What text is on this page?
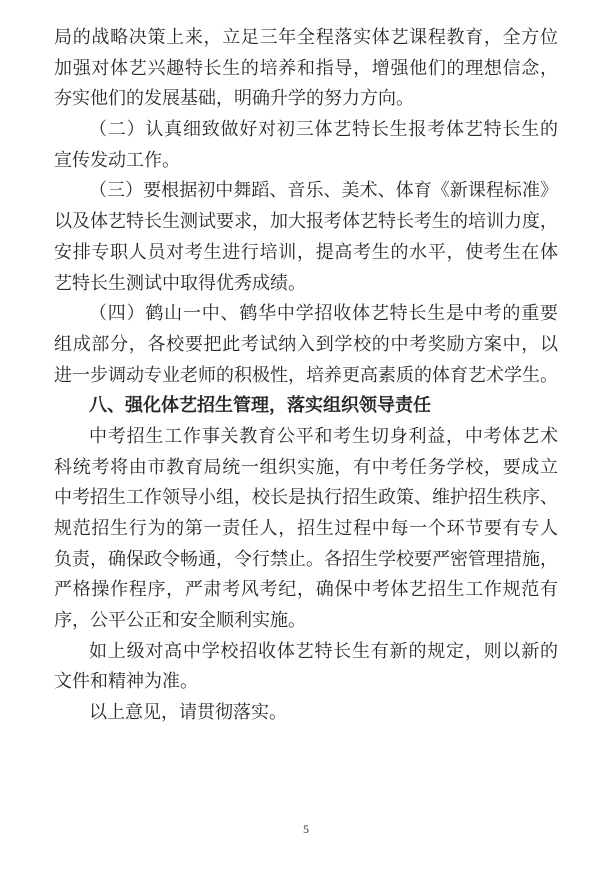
局的战略决策上来，立足三年全程落实体艺课程教育，全方位
加强对体艺兴趣特长生的培养和指导，增强他们的理想信念，
夯实他们的发展基础，明确升学的努力方向。
（二）认真细致做好对初三体艺特长生报考体艺特长生的
宣传发动工作。
（三）要根据初中舞蹈、音乐、美术、体育《新课程标准》
以及体艺特长生测试要求，加大报考体艺特长考生的培训力度，
安排专职人员对考生进行培训，提高考生的水平，使考生在体
艺特长生测试中取得优秀成绩。
（四）鹤山一中、鹤华中学招收体艺特长生是中考的重要
组成部分，各校要把此考试纳入到学校的中考奖励方案中，以
进一步调动专业老师的积极性，培养更高素质的体育艺术学生。
八、强化体艺招生管理，落实组织领导责任
中考招生工作事关教育公平和考生切身利益，中考体艺术
科统考将由市教育局统一组织实施，有中考任务学校，要成立
中考招生工作领导小组，校长是执行招生政策、维护招生秩序、
规范招生行为的第一责任人，招生过程中每一个环节要有专人
负责，确保政令畅通，令行禁止。各招生学校要严密管理措施，
严格操作程序，严肃考风考纪，确保中考体艺招生工作规范有
序，公平公正和安全顺利实施。
如上级对高中学校招收体艺特长生有新的规定，则以新的
文件和精神为准。
以上意见，请贯彻落实。
5
